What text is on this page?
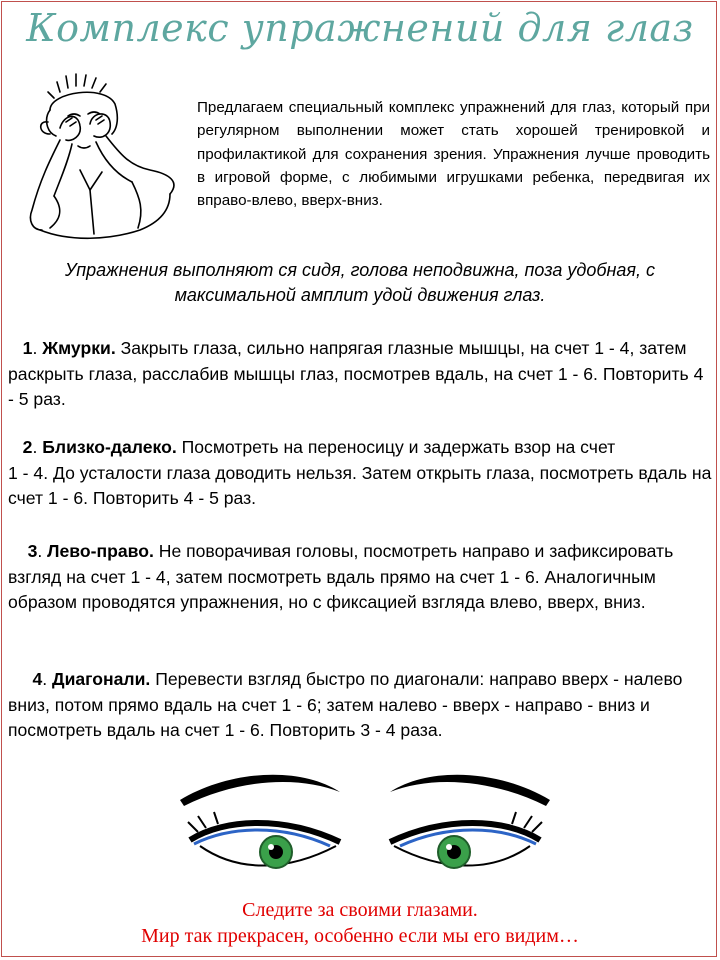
Комплекс упражнений для глаз
Предлагаем специальный комплекс упражнений для глаз, который при регулярном выполнении может стать хорошей тренировкой и профилактикой для сохранения зрения. Упражнения лучше проводить в игровой форме, с любимыми игрушками ребенка, передвигая их вправо-влево, вверх-вниз.
Упражнения выполняют ся сидя, голова неподвижна, поза удобная, с максимальной амплит удой движения глаз.
1. Жмурки. Закрыть глаза, сильно напрягая глазные мышцы, на счет 1 - 4, затем раскрыть глаза, расслабив мышцы глаз, посмотрев вдаль, на счет 1 - 6. Повторить 4 - 5 раз.
2. Близко-далеко. Посмотреть на переносицу и задержать взор на счет
1 - 4. До усталости глаза доводить нельзя. Затем открыть глаза, посмотреть вдаль на счет 1 - 6. Повторить 4 - 5 раз.
3. Лево-право. Не поворачивая головы, посмотреть направо и зафиксировать взгляд на счет 1 - 4, затем посмотреть вдаль прямо на счет 1 - 6. Аналогичным образом проводятся упражнения, но с фиксацией взгляда влево, вверх, вниз.
4. Диагонали. Перевести взгляд быстро по диагонали: направо вверх - налево вниз, потом прямо вдаль на счет 1 - 6; затем налево - вверх - направо - вниз и посмотреть вдаль на счет 1 - 6. Повторить 3 - 4 раза.
Следите за своими глазами.
Мир так прекрасен, особенно если мы его видим…
